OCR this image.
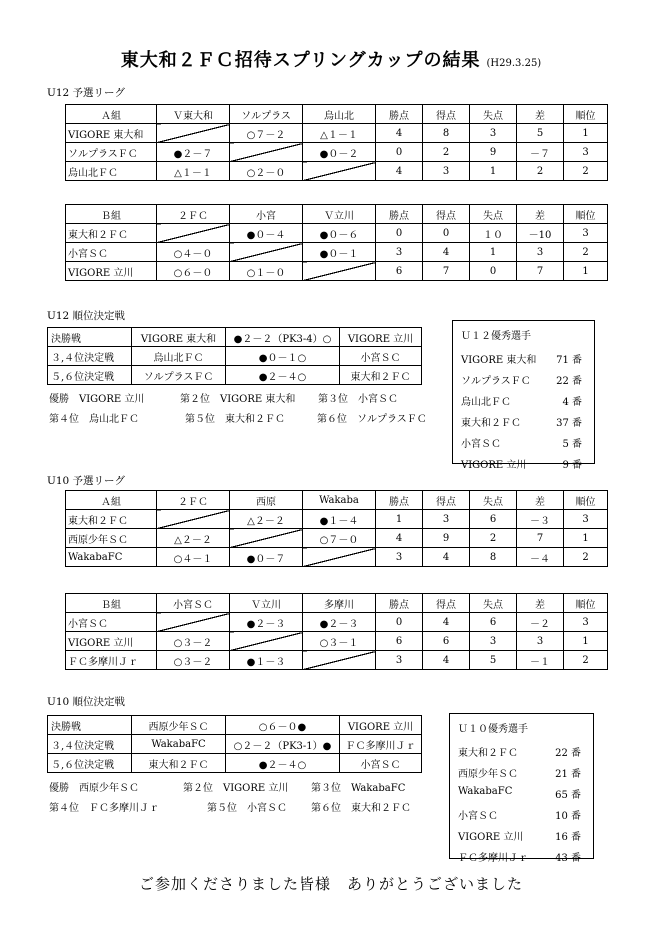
東大和２ＦＣ招待スプリングカップの結果 (H29.3.25)
U12 予選リーグ
U12 順位決定戦
U10 予選リーグ
U10 順位決定戦
Ａ組	Ｖ東大和	ソルプラス	烏山北	勝点	得点	失点	差	順位
VIGORE 東大和		○７－２	△１－１	4	8	3	5	1
ソルプラスＦＣ	●２－７		●０－２	0	2	9	－７	3
烏山北ＦＣ	△１－１	○２－０		4	3	1	2	2
Ｂ組	２ＦＣ	小宮	Ｖ立川	勝点	得点	失点	差	順位
東大和２ＦＣ		●０－４	●０－６	0	0	１０	－10	3
小宮ＳＣ	○４－０		●０－１	3	4	1	3	2
VIGORE 立川	○６－０	○１－０		6	7	0	7	1
Ａ組	２ＦＣ	西原	Wakaba	勝点	得点	失点	差	順位
東大和２ＦＣ		△２－２	●１－４	1	3	6	－３	3
西原少年ＳＣ	△２－２		○７－０	4	9	2	7	1
WakabaFC	○４－１	●０－７		3	4	8	－４	2
Ｂ組	小宮ＳＣ	Ｖ立川	多摩川	勝点	得点	失点	差	順位
小宮ＳＣ		●２－３	●２－３	0	4	6	－２	3
VIGORE 立川	○３－２		○３－１	6	6	3	3	1
ＦＣ多摩川Ｊｒ	○３－２	●１－３		3	4	5	－１	2
決勝戦	VIGORE 東大和	●２－２（PK3-4）○	VIGORE 立川
３,４位決定戦	烏山北ＦＣ	●０－１○	小宮ＳＣ
５,６位決定戦	ソルプラスＦＣ	●２－４○	東大和２ＦＣ
決勝戦	西原少年ＳＣ	○６－０●	VIGORE 立川
３,４位決定戦	WakabaFC	○２－２（PK3-1）●	ＦＣ多摩川Ｊｒ
５,６位決定戦	東大和２ＦＣ	●２－４○	小宮ＳＣ
優勝　VIGORE 立川	第２位　VIGORE 東大和 第３位　小宮ＳＣ
第４位　烏山北ＦＣ	第５位　東大和２ＦＣ	第６位　ソルプラスＦＣ
優勝　西原少年ＳＣ	第２位　VIGORE 立川 第３位　WakabaFC
第４位　ＦＣ多摩川Ｊｒ	第５位　小宮ＳＣ 第６位　東大和２ＦＣ
Ｕ１２優秀選手
VIGORE 東大和 71 番
ソルプラスＦＣ	22 番
烏山北ＦＣ	4 番
東大和２ＦＣ	37 番
小宮ＳＣ	5 番
VIGORE 立川	9 番
Ｕ１０優秀選手
東大和２ＦＣ	22 番
西原少年ＳＣ	21 番
WakabaFC	65 番
小宮ＳＣ	10 番
VIGORE 立川	16 番
ＦＣ多摩川Ｊｒ	43 番
ご参加くださりました皆様　ありがとうございました
